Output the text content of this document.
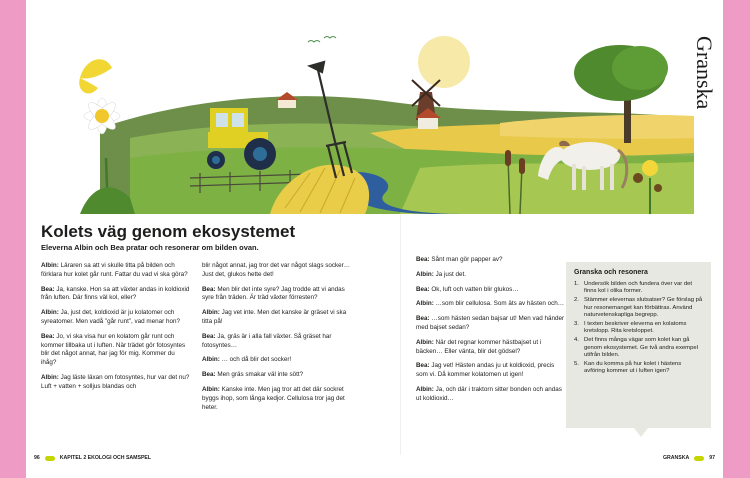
Granska
Kolets väg genom ekosystemet
Eleverna Albin och Bea pratar och resonerar om bilden ovan.

Albin: Läraren sa att vi skulle titta på bilden och förklara hur kolet går runt. Fattar du vad vi ska göra?

Bea: Ja, kanske. Hon sa att växter andas in koldioxid från luften. Där finns väl kol, eller?

Albin: Ja, just det, koldioxid är ju kolatomer och syreatomer. Men vadå ”går runt”, vad menar hon?

Bea: Jo, vi ska visa hur en kolatom går runt och kommer tillbaka ut i luften. När trädet gör fotosyntes blir det något annat, har jag för mig. Kommer du ihåg?

Albin: Jag läste läxan om fotosyntes, hur var det nu? Luft + vatten + solljus blandas och

blir något annat, jag tror det var något slags socker… Just det, glukos hette det!

Bea: Men blir det inte syre? Jag trodde att vi andas syre från träden. Är träd växter förresten?

Albin: Jag vet inte. Men det kanske är gräset vi ska titta på!

Bea: Ja, gräs är i alla fall växter. Så gräset har fotosyntes…

Albin: … och då blir det socker!

Bea: Men gräs smakar väl inte sött?

Albin: Kanske inte. Men jag tror att det där sockret byggs ihop, som långa kedjor. Cellulosa tror jag det heter.

Bea: Sånt man gör papper av?

Albin: Ja just det.

Bea: Ok, luft och vatten blir glukos…

Albin: …som blir cellulosa. Som äts av hästen och…

Bea: …som hästen sedan bajsar ut! Men vad händer med bajset sedan?

Albin: När det regnar kommer hästbajset ut i bäcken… Eller vänta, blir det gödsel?

Bea: Jag vet! Hästen andas ju ut koldioxid, precis som vi. Då kommer kolatomen ut igen!

Albin: Ja, och där i traktorn sitter bonden och andas ut koldioxid…

Granska och resonera
1. Undersök bilden och fundera över var det finns kol i olika former.
2. Stämmer elevernas slutsatser? Ge förslag på hur resonemanget kan förbättras. Använd naturvetenskapliga begrepp.
3. I texten beskriver eleverna en kolatoms kretslopp. Rita kretsloppet.
4. Det finns många vägar som kolet kan gå genom ekosystemet. Ge två andra exempel utifrån bilden.
5. Kan du komma på hur kolet i hästens avföring kommer ut i luften igen?
96	KAPITEL 2 EKOLOGI OCH SAMSPEL	GRANSKA	97
